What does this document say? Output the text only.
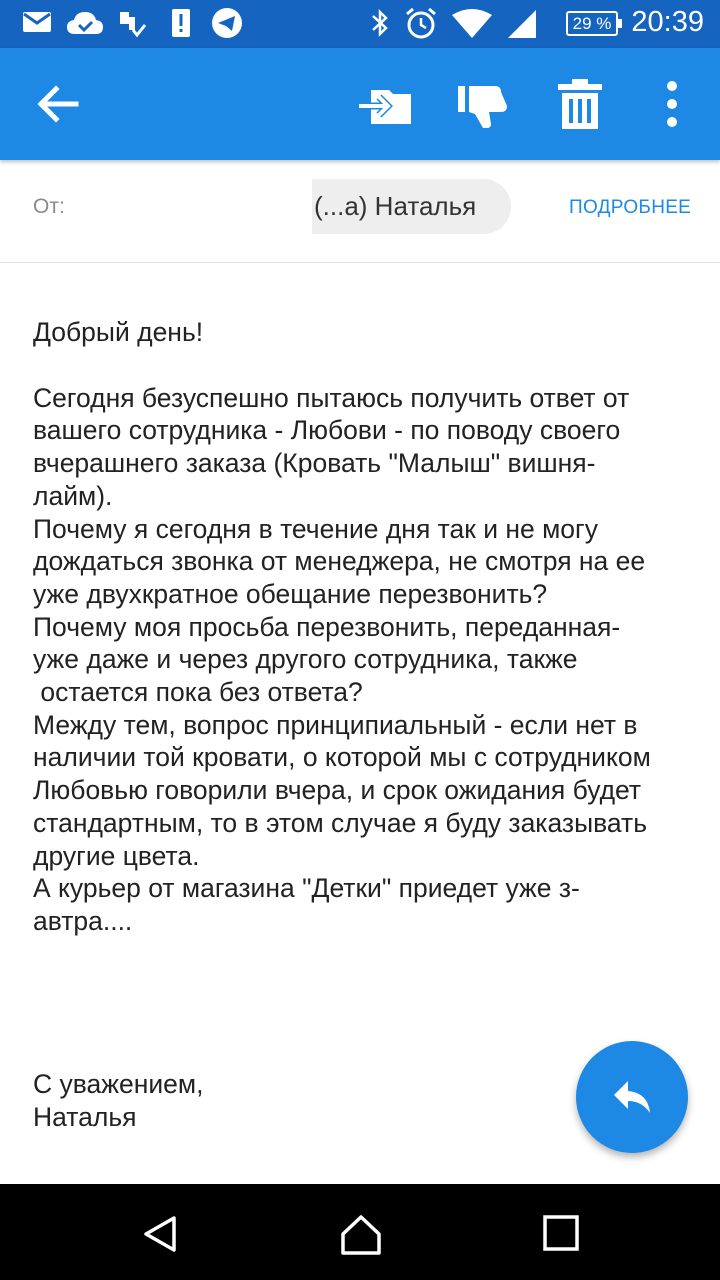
29 % 20:39
От:	(...а) Наталья	ПОДРОБНЕЕ

Добрый день!

Сегодня безуспешно пытаюсь получить ответ от

вашего сотрудника - Любови - по поводу своего

вчерашнего заказа (Кровать "Малыш" вишня-

лайм).

Почему я сегодня в течение дня так и не могу

дождаться звонка от менеджера, не смотря на ее

уже двухкратное обещание перезвонить?

Почему моя просьба перезвонить, переданная-

уже даже и через другого сотрудника, также

остается пока без ответа?

Между тем, вопрос принципиальный - если нет в

наличии той кровати, о которой мы с сотрудником

Любовью говорили вчера, и срок ожидания будет

стандартным, то в этом случае я буду заказывать

другие цвета.

А курьер от магазина "Детки" приедет уже з-

автра....

С уважением,

Наталья
